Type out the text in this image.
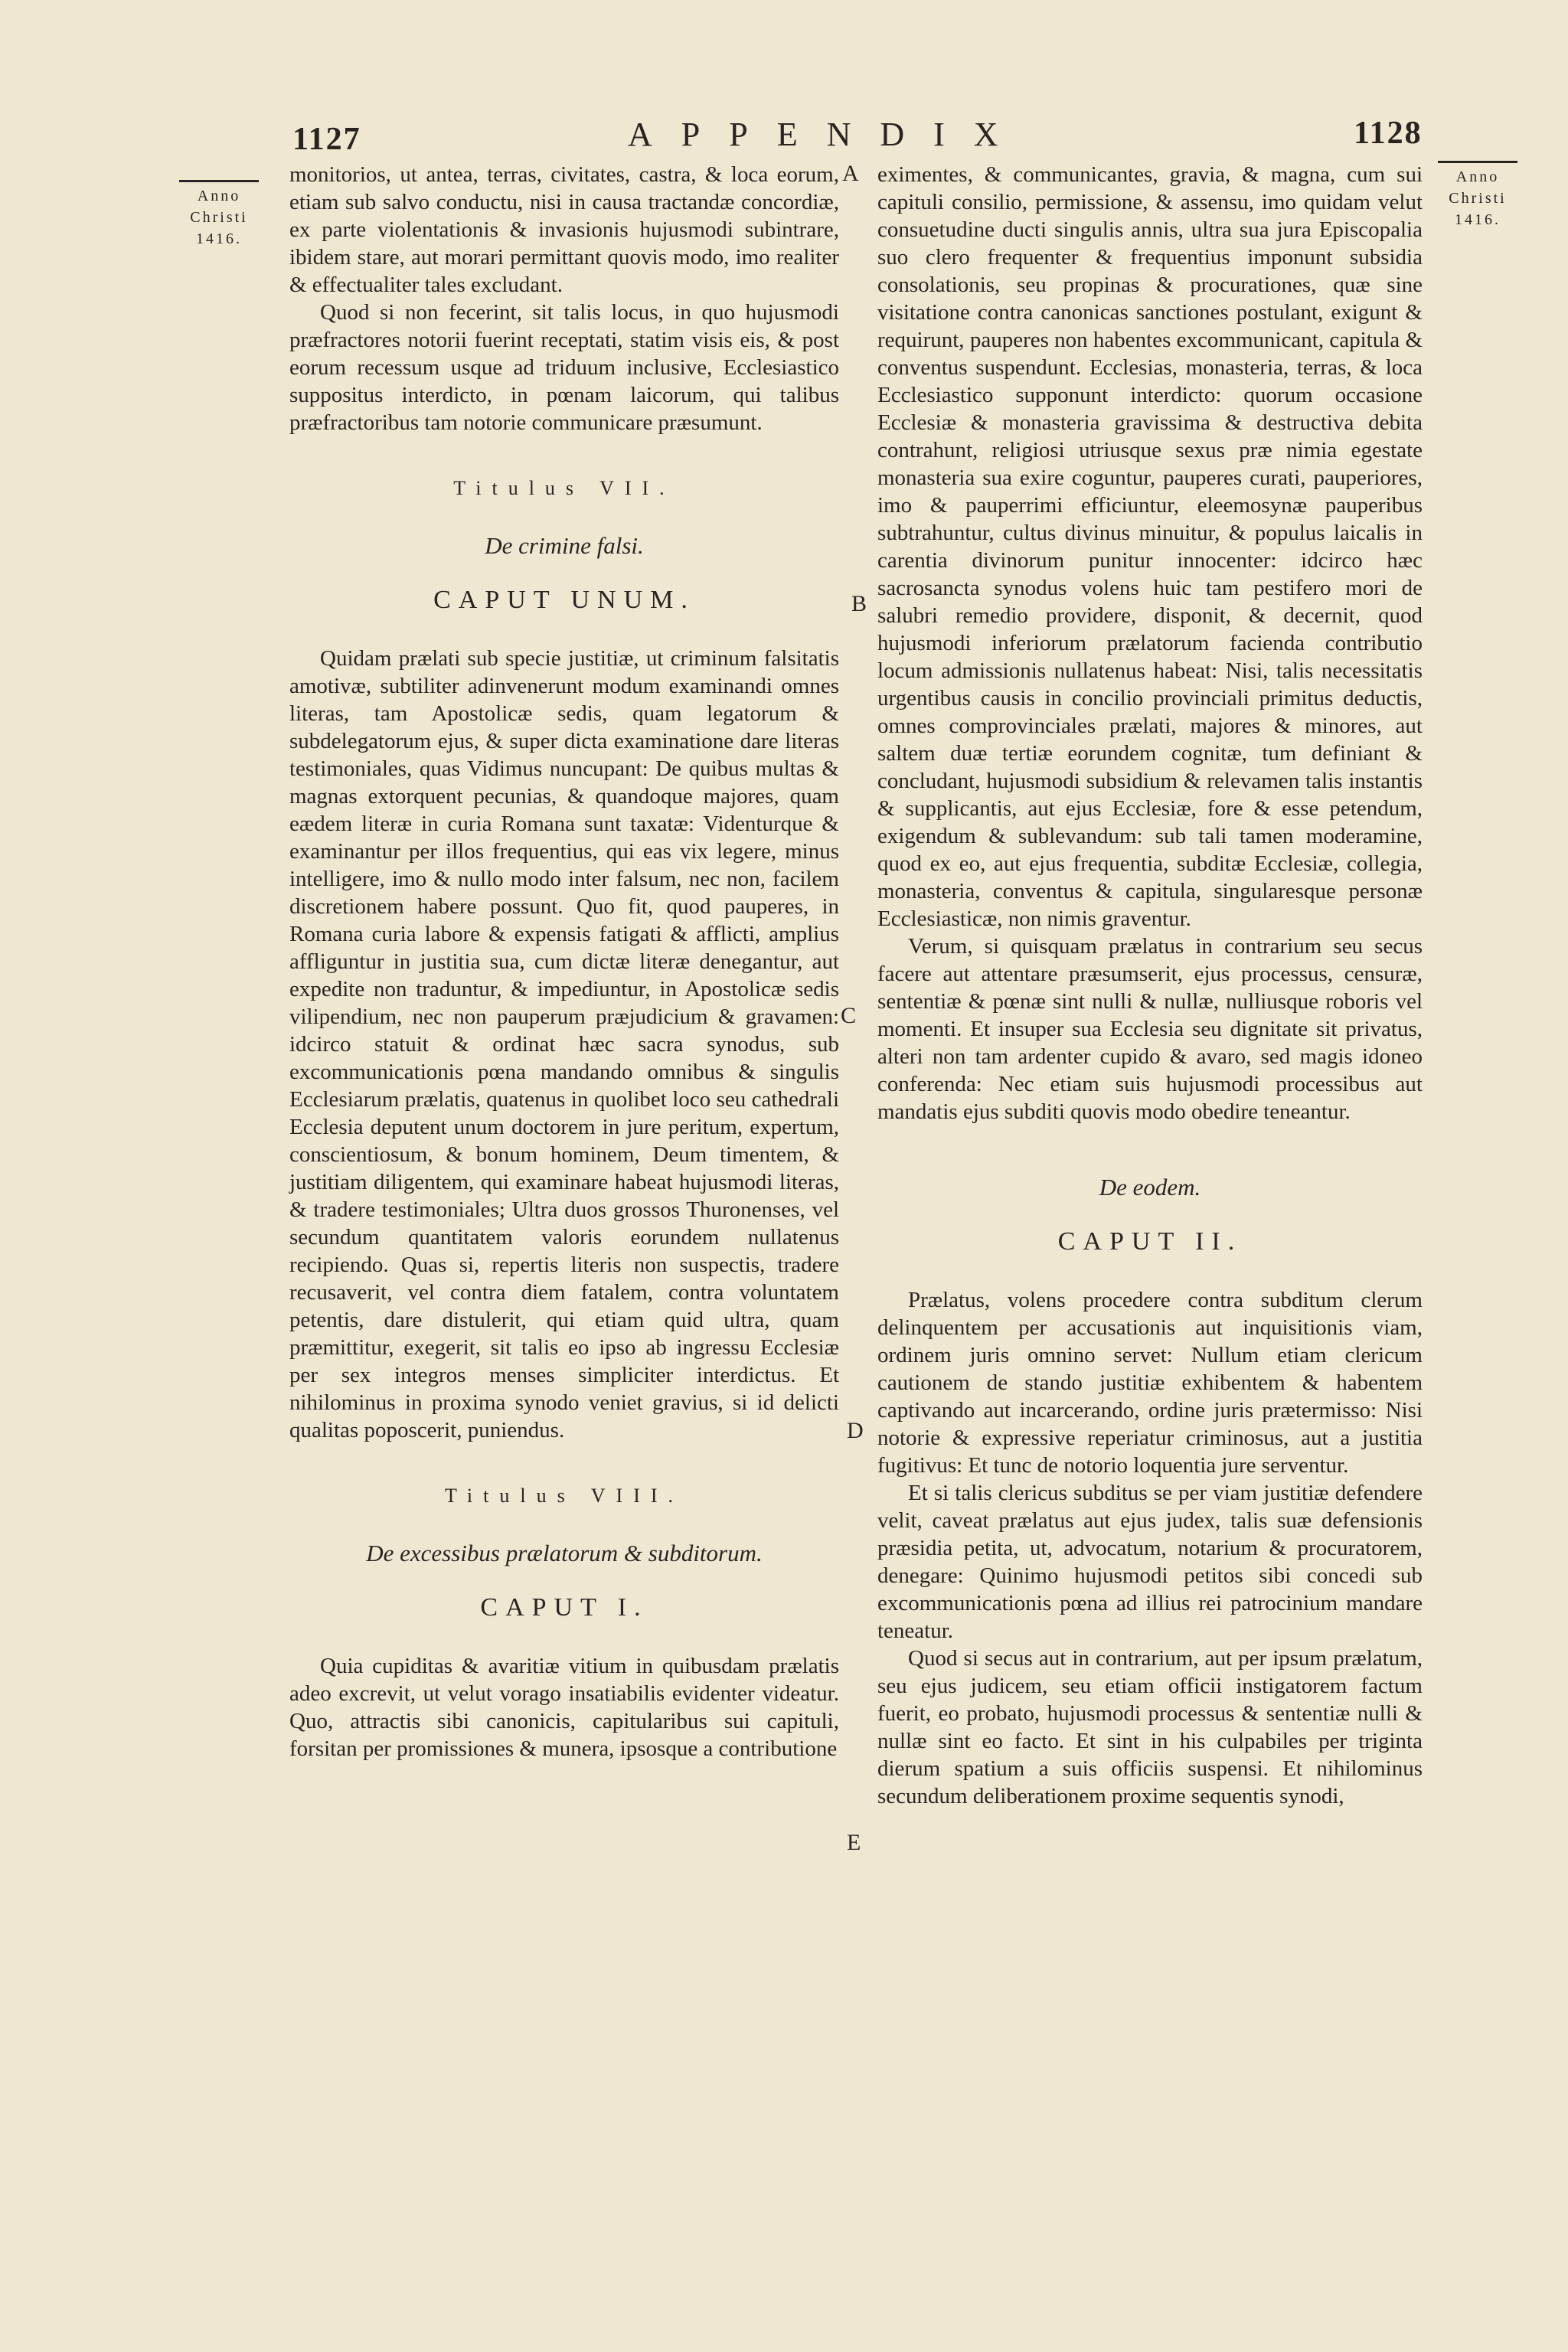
1127	APPENDIX	1128
Anno
Christi
1416.
Anno
Christi
1416.
A
B
C
D
E

monitorios, ut antea, terras, civitates, castra, & loca eorum, etiam sub salvo conductu, nisi in causa tractandæ concordiæ, ex parte violentationis & invasionis hujusmodi subintrare, ibidem stare, aut morari permittant quovis modo, imo realiter & effectualiter tales excludant.

Quod si non fecerint, sit talis locus, in quo hujusmodi præfractores notorii fuerint receptati, statim visis eis, & post eorum recessum usque ad triduum inclusive, Ecclesiastico suppositus interdicto, in pœnam laicorum, qui talibus præfractoribus tam notorie communicare præsumunt.

Titulus VII.
De crimine falsi.
CAPUT UNUM.

Quidam prælati sub specie justitiæ, ut criminum falsitatis amotivæ, subtiliter adinvenerunt modum examinandi omnes literas, tam Apostolicæ sedis, quam legatorum & subdelegatorum ejus, & super dicta examinatione dare literas testimoniales, quas Vidimus nuncupant: De quibus multas & magnas extorquent pecunias, & quandoque majores, quam eædem literæ in curia Romana sunt taxatæ: Videnturque & examinantur per illos frequentius, qui eas vix legere, minus intelligere, imo & nullo modo inter falsum, nec non, facilem discretionem habere possunt. Quo fit, quod pauperes, in Romana curia labore & expensis fatigati & afflicti, amplius affliguntur in justitia sua, cum dictæ literæ denegantur, aut expedite non traduntur, & impediuntur, in Apostolicæ sedis vilipendium, nec non pauperum præjudicium & gravamen: idcirco statuit & ordinat hæc sacra synodus, sub excommunicationis pœna mandando omnibus & singulis Ecclesiarum prælatis, quatenus in quolibet loco seu cathedrali Ecclesia deputent unum doctorem in jure peritum, expertum, conscientiosum, & bonum hominem, Deum timentem, & justitiam diligentem, qui examinare habeat hujusmodi literas, & tradere testimoniales; Ultra duos grossos Thuronenses, vel secundum quantitatem valoris eorundem nullatenus recipiendo. Quas si, repertis literis non suspectis, tradere recusaverit, vel contra diem fatalem, contra voluntatem petentis, dare distulerit, qui etiam quid ultra, quam præmittitur, exegerit, sit talis eo ipso ab ingressu Ecclesiæ per sex integros menses simpliciter interdictus. Et nihilominus in proxima synodo veniet gravius, si id delicti qualitas poposcerit, puniendus.

Titulus VIII.
De excessibus prælatorum & subditorum.
CAPUT I.

Quia cupiditas & avaritiæ vitium in quibusdam prælatis adeo excrevit, ut velut vorago insatiabilis evidenter videatur. Quo, attractis sibi canonicis, capitularibus sui capituli, forsitan per promissiones & munera, ipsosque a contributione

eximentes, & communicantes, gravia, & magna, cum sui capituli consilio, permissione, & assensu, imo quidam velut consuetudine ducti singulis annis, ultra sua jura Episcopalia suo clero frequenter & frequentius imponunt subsidia consolationis, seu propinas & procurationes, quæ sine visitatione contra canonicas sanctiones postulant, exigunt & requirunt, pauperes non habentes excommunicant, capitula & conventus suspendunt. Ecclesias, monasteria, terras, & loca Ecclesiastico supponunt interdicto: quorum occasione Ecclesiæ & monasteria gravissima & destructiva debita contrahunt, religiosi utriusque sexus præ nimia egestate monasteria sua exire coguntur, pauperes curati, pauperiores, imo & pauperrimi efficiuntur, eleemosynæ pauperibus subtrahuntur, cultus divinus minuitur, & populus laicalis in carentia divinorum punitur innocenter: idcirco hæc sacrosancta synodus volens huic tam pestifero mori de salubri remedio providere, disponit, & decernit, quod hujusmodi inferiorum prælatorum facienda contributio locum admissionis nullatenus habeat: Nisi, talis necessitatis urgentibus causis in concilio provinciali primitus deductis, omnes comprovinciales prælati, majores & minores, aut saltem duæ tertiæ eorundem cognitæ, tum definiant & concludant, hujusmodi subsidium & relevamen talis instantis & supplicantis, aut ejus Ecclesiæ, fore & esse petendum, exigendum & sublevandum: sub tali tamen moderamine, quod ex eo, aut ejus frequentia, subditæ Ecclesiæ, collegia, monasteria, conventus & capitula, singularesque personæ Ecclesiasticæ, non nimis graventur.

Verum, si quisquam prælatus in contrarium seu secus facere aut attentare præsumserit, ejus processus, censuræ, sententiæ & pœnæ sint nulli & nullæ, nulliusque roboris vel momenti. Et insuper sua Ecclesia seu dignitate sit privatus, alteri non tam ardenter cupido & avaro, sed magis idoneo conferenda: Nec etiam suis hujusmodi processibus aut mandatis ejus subditi quovis modo obedire teneantur.

De eodem.
CAPUT II.

Prælatus, volens procedere contra subditum clerum delinquentem per accusationis aut inquisitionis viam, ordinem juris omnino servet: Nullum etiam clericum cautionem de stando justitiæ exhibentem & habentem captivando aut incarcerando, ordine juris prætermisso: Nisi notorie & expressive reperiatur criminosus, aut a justitia fugitivus: Et tunc de notorio loquentia jure serventur.

Et si talis clericus subditus se per viam justitiæ defendere velit, caveat prælatus aut ejus judex, talis suæ defensionis præsidia petita, ut, advocatum, notarium & procuratorem, denegare: Quinimo hujusmodi petitos sibi concedi sub excommunicationis pœna ad illius rei patrocinium mandare teneatur.

Quod si secus aut in contrarium, aut per ipsum prælatum, seu ejus judicem, seu etiam officii instigatorem factum fuerit, eo probato, hujusmodi processus & sententiæ nulli & nullæ sint eo facto. Et sint in his culpabiles per triginta dierum spatium a suis officiis suspensi. Et nihilominus secundum deliberationem proxime sequentis synodi,
